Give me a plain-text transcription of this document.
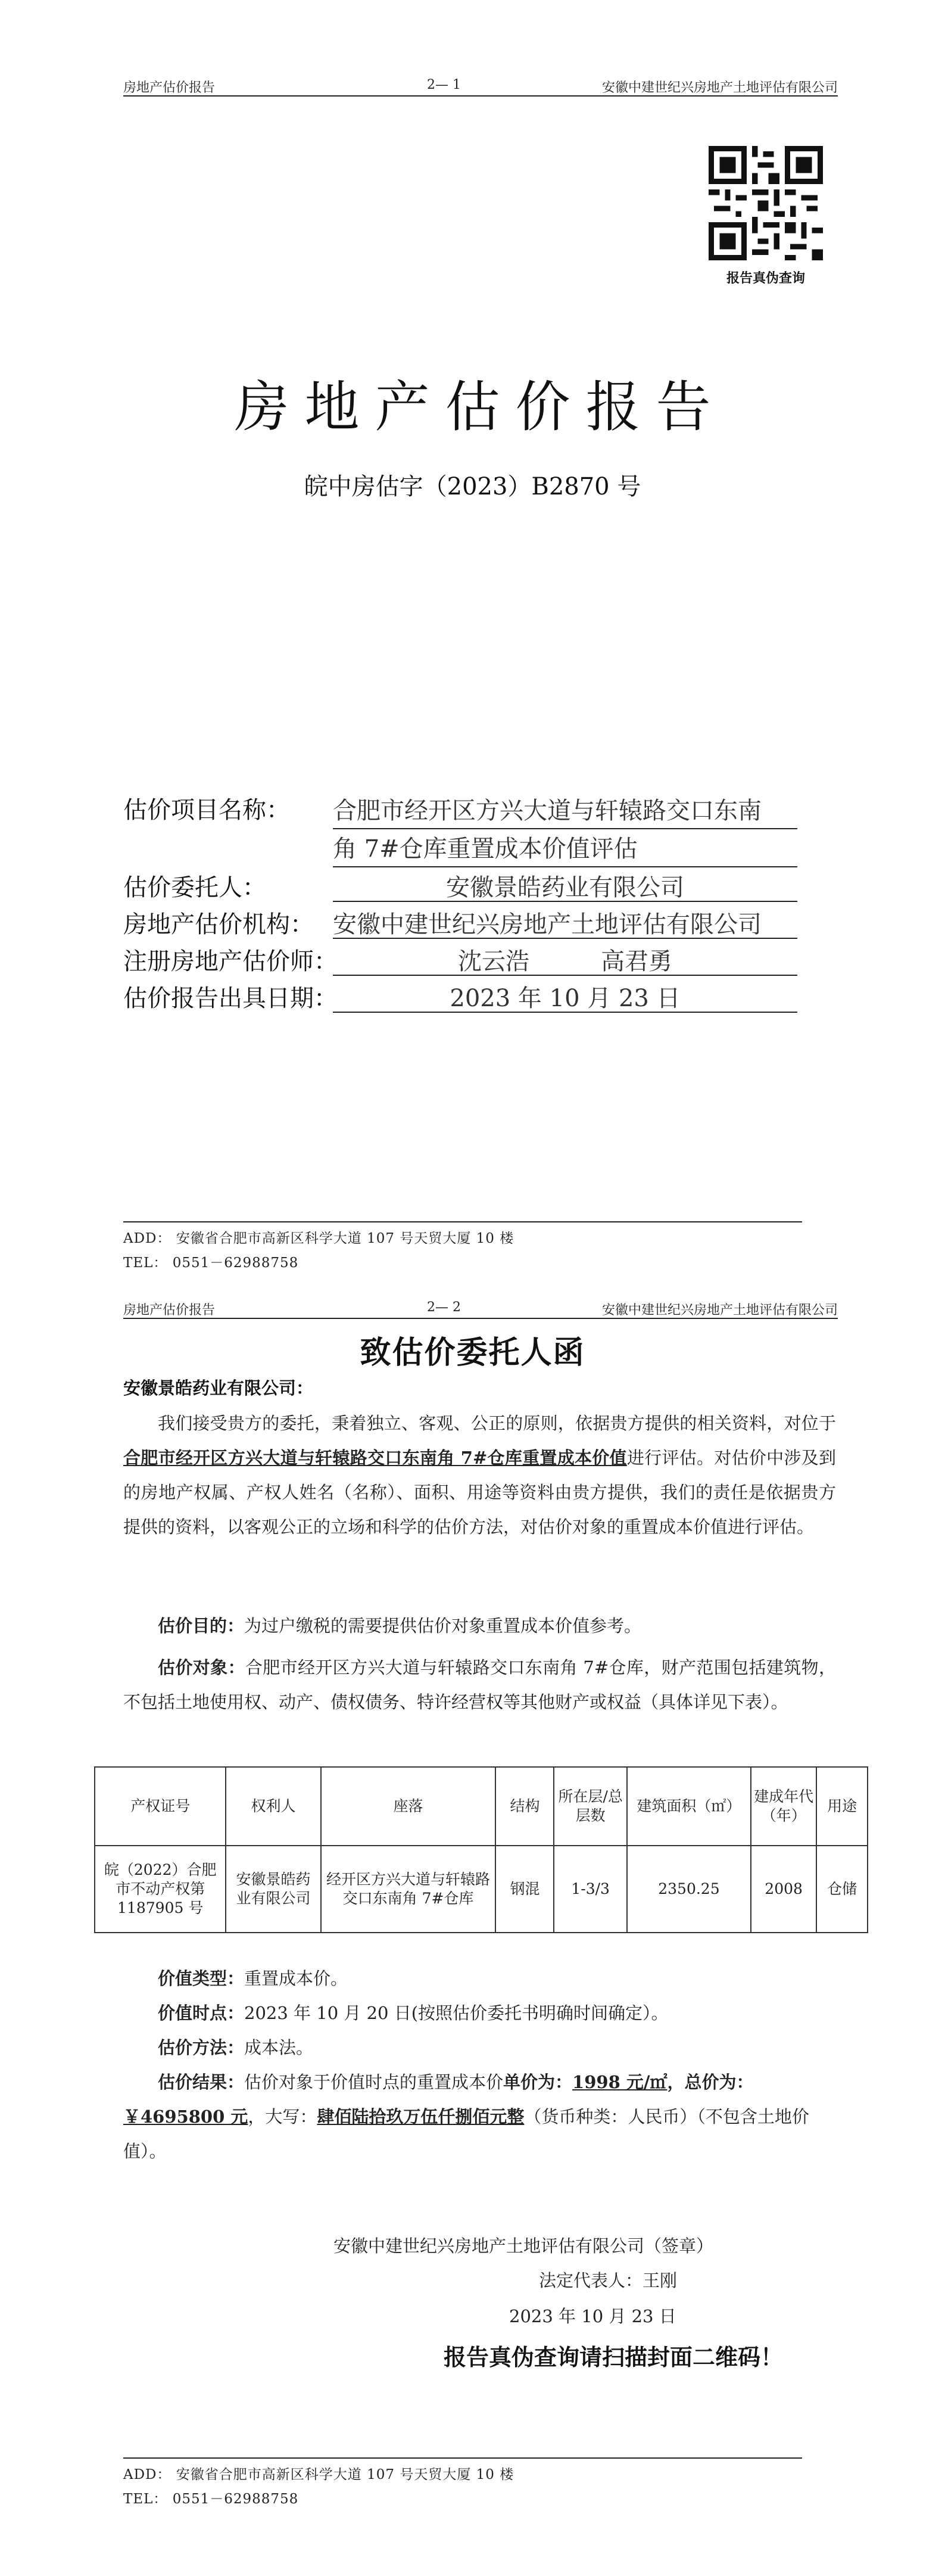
房地产估价报告	2— 1	安徽中建世纪兴房地产土地评估有限公司
报告真伪查询
房地产估价报告
皖中房估字（2023）B2870 号
估价项目名称：	合肥市经开区方兴大道与轩辕路交口东南
角 7#仓库重置成本价值评估
估价委托人：	安徽景皓药业有限公司
房地产估价机构： 安徽中建世纪兴房地产土地评估有限公司
注册房地产估价师：	沈云浩	高君勇
估价报告出具日期：	2023 年 10 月 23 日
ADD： 安徽省合肥市高新区科学大道 107 号天贸大厦 10 楼
TEL： 0551－62988758
房地产估价报告	2— 2	安徽中建世纪兴房地产土地评估有限公司
致估价委托人函
安徽景皓药业有限公司：

我们接受贵方的委托，秉着独立、客观、公正的原则，依据贵方提供的相关资料，对位于合肥市经开区方兴大道与轩辕路交口东南角 7#仓库重置成本价值进行评估。对估价中涉及到的房地产权属、产权人姓名（名称）、面积、用途等资料由贵方提供，我们的责任是依据贵方提供的资料，以客观公正的立场和科学的估价方法，对估价对象的重置成本价值进行评估。

估价目的：为过户缴税的需要提供估价对象重置成本价值参考。

估价对象：合肥市经开区方兴大道与轩辕路交口东南角 7#仓库，财产范围包括建筑物，不包括土地使用权、动产、债权债务、特许经营权等其他财产或权益（具体详见下表）。

产权证号	权利人	座落	结构	所在层/总层数	建筑面积（㎡）	建成年代（年）	用途
皖（2022）合肥市不动产权第 1187905 号	安徽景皓药业有限公司	经开区方兴大道与轩辕路交口东南角 7#仓库	钢混	1-3/3	2350.25	2008	仓储
价值类型：重置成本价。
价值时点：2023 年 10 月 20 日(按照估价委托书明确时间确定）。
估价方法：成本法。
估价结果：估价对象于价值时点的重置成本价单价为：1998 元/㎡，总价为：￥4695800 元，大写：肆佰陆拾玖万伍仟捌佰元整（货币种类：人民币）（不包含土地价值）。
安徽中建世纪兴房地产土地评估有限公司（签章）
法定代表人：王刚
2023 年 10 月 23 日
报告真伪查询请扫描封面二维码！
ADD： 安徽省合肥市高新区科学大道 107 号天贸大厦 10 楼
TEL： 0551－62988758
